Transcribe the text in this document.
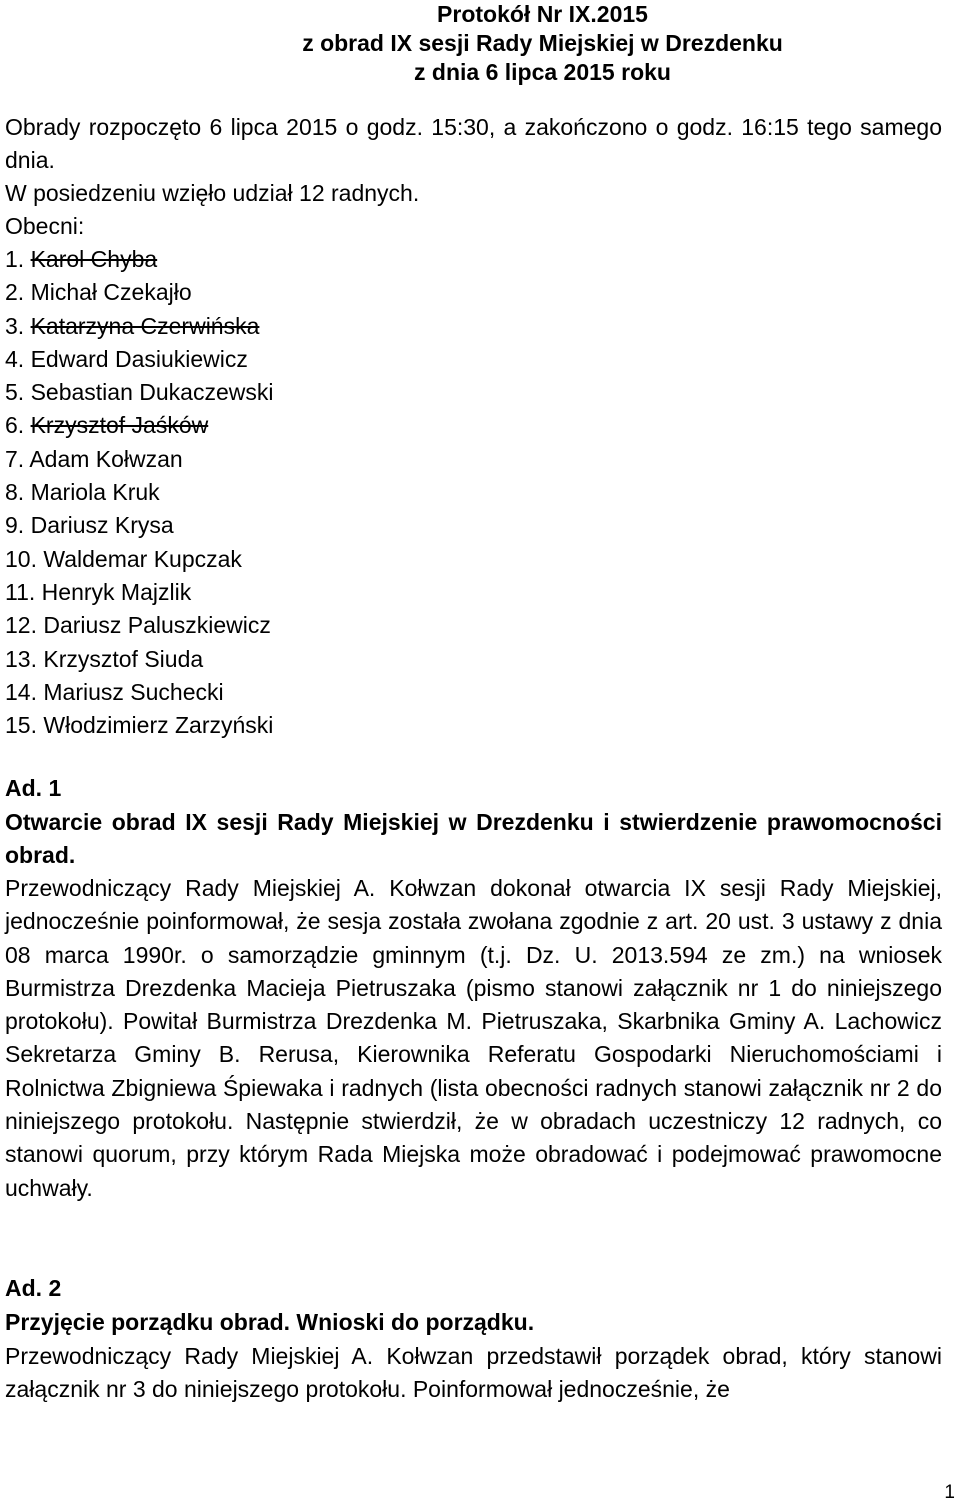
Protokół Nr IX.2015
z obrad IX sesji Rady Miejskiej w Drezdenku
z dnia 6 lipca 2015 roku

Obrady rozpoczęto 6 lipca 2015 o godz. 15:30, a zakończono o godz. 16:15 tego samego dnia.

W posiedzeniu wzięło udział 12 radnych.

Obecni:

1. Karol Chyba
2. Michał Czekajło
3. Katarzyna Czerwińska
4. Edward Dasiukiewicz
5. Sebastian Dukaczewski
6. Krzysztof Jaśków
7. Adam Kołwzan
8. Mariola Kruk
9. Dariusz Krysa
10. Waldemar Kupczak
11. Henryk Majzlik
12. Dariusz Paluszkiewicz
13. Krzysztof Siuda
14. Mariusz Suchecki
15. Włodzimierz Zarzyński

Ad. 1

Otwarcie obrad IX sesji Rady Miejskiej w Drezdenku i stwierdzenie prawomocności obrad.

Przewodniczący Rady Miejskiej A. Kołwzan dokonał otwarcia IX sesji Rady Miejskiej, jednocześnie poinformował, że sesja została zwołana zgodnie z art. 20 ust. 3 ustawy z dnia 08 marca 1990r. o samorządzie gminnym (t.j. Dz. U. 2013.594 ze zm.) na wniosek Burmistrza Drezdenka Macieja Pietruszaka (pismo stanowi załącznik nr 1 do niniejszego protokołu). Powitał Burmistrza Drezdenka M. Pietruszaka, Skarbnika Gminy A. Lachowicz Sekretarza Gminy B. Rerusa, Kierownika Referatu Gospodarki Nieruchomościami i Rolnictwa Zbigniewa Śpiewaka i radnych (lista obecności radnych stanowi załącznik nr 2 do niniejszego protokołu. Następnie stwierdził, że w obradach uczestniczy 12 radnych, co stanowi quorum, przy którym Rada Miejska może obradować i podejmować prawomocne uchwały.

Ad. 2

Przyjęcie porządku obrad. Wnioski do porządku.

Przewodniczący Rady Miejskiej A. Kołwzan przedstawił porządek obrad, który stanowi załącznik nr 3 do niniejszego protokołu. Poinformował jednocześnie, że

1
